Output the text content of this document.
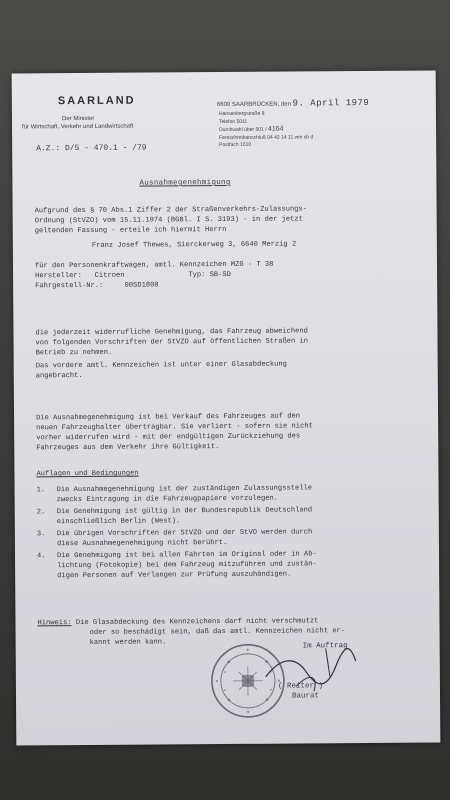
SAARLAND
Der Minister
für Wirtschaft, Verkehr und Landwirtschaft
A.Z.: D/5 - 470.1 - /79
6600 SAARBRÜCKEN, den 9. April 1979
Hansenbergstraße 8
Telefon 5011
Durchwahl über 501 / 4164
Fernschreibanschluß 04 42 14 11 wm sb d
Postfach 1010
Ausnahmegenehmigung
Aufgrund des § 70 Abs.1 Ziffer 2 der Straßenverkehrs-Zulassungs-
Ordnung (StVZO) vom 15.11.1974 (BGBl. I S. 3193) - in der jetzt
geltenden Fassung - erteile ich hiermit Herrn
Franz Josef Thewes, Sierckerweg 3, 6640 Merzig 2
für den Personenkraftwagen, amtl. Kennzeichen MZG - T 38
Hersteller:   Citroen               Typ: SB-SD
Fahrgestell-Nr.:     00SD1808
die jederzeit widerrufliche Genehmigung, das Fahrzeug abweichend
von folgenden Vorschriften der StVZO auf öffentlichen Straßen in
Betrieb zu nehmen.
Das vordere amtl. Kennzeichen ist unter einer Glasabdeckung
angebracht.
Die Ausnahmegenehmigung ist bei Verkauf des Fahrzeuges auf den
neuen Fahrzeughalter übertragbar. Sie verliert - sofern sie nicht
vorher widerrufen wird - mit der endgültigen Zurückziehung des
Fahrzeuges aus dem Verkehr ihre Gültigkeit.
Auflagen und Bedingungen
1. Die Ausnahmegenehmigung ist der zuständigen Zulassungsstelle
zwecks Eintragung in die Fahrzeugpapiere vorzulegen.
2. Die Genehmigung ist gültig in der Bundesrepublik Deutschland
einschließlich Berlin (West).
3. Die übrigen Vorschriften der StVZO und der StVO werden durch
diese Ausnahmegenehmigung nicht berührt.
4. Die Genehmigung ist bei allen Fahrten im Original oder in Ab-
lichtung (Fotokopie) bei dem Fahrzeug mitzuführen und zustän-
digen Personen auf Verlangen zur Prüfung auszuhändigen.
Hinweis: Die Glasabdeckung des Kennzeichens darf nicht verschmutzt
oder so beschädigt sein, daß das amtl. Kennzeichen nicht er-
kannt werden kann.	Im Auftrag
( Reiter )
Baurat
